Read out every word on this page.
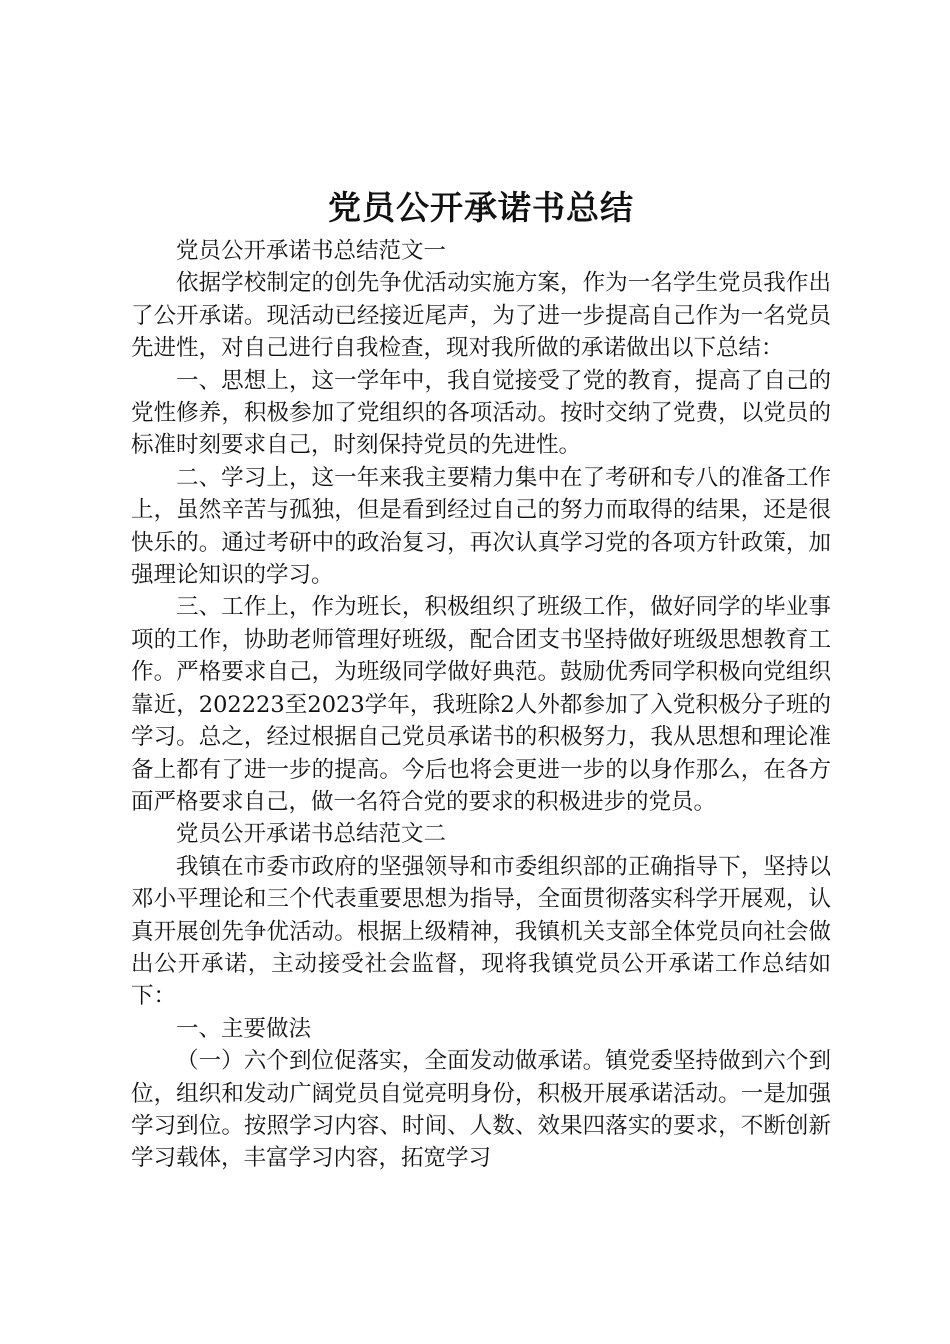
党员公开承诺书总结

党员公开承诺书总结范文一

依据学校制定的创先争优活动实施方案，作为一名学生党员我作出了公开承诺。现活动已经接近尾声，为了进一步提高自己作为一名党员先进性，对自己进行自我检查，现对我所做的承诺做出以下总结：

一、思想上，这一学年中，我自觉接受了党的教育，提高了自己的党性修养，积极参加了党组织的各项活动。按时交纳了党费，以党员的标准时刻要求自己，时刻保持党员的先进性。

二、学习上，这一年来我主要精力集中在了考研和专八的准备工作上，虽然辛苦与孤独，但是看到经过自己的努力而取得的结果，还是很快乐的。通过考研中的政治复习，再次认真学习党的各项方针政策，加强理论知识的学习。

三、工作上，作为班长，积极组织了班级工作，做好同学的毕业事项的工作，协助老师管理好班级，配合团支书坚持做好班级思想教育工作。严格要求自己，为班级同学做好典范。鼓励优秀同学积极向党组织靠近，202223至2023学年，我班除2人外都参加了入党积极分子班的学习。总之，经过根据自己党员承诺书的积极努力，我从思想和理论准备上都有了进一步的提高。今后也将会更进一步的以身作那么，在各方面严格要求自己，做一名符合党的要求的积极进步的党员。

党员公开承诺书总结范文二

我镇在市委市政府的坚强领导和市委组织部的正确指导下，坚持以邓小平理论和三个代表重要思想为指导，全面贯彻落实科学开展观，认真开展创先争优活动。根据上级精神，我镇机关支部全体党员向社会做出公开承诺，主动接受社会监督，现将我镇党员公开承诺工作总结如下：

一、主要做法

（一）六个到位促落实，全面发动做承诺。镇党委坚持做到六个到位，组织和发动广阔党员自觉亮明身份，积极开展承诺活动。一是加强学习到位。按照学习内容、时间、人数、效果四落实的要求，不断创新学习载体，丰富学习内容，拓宽学习
